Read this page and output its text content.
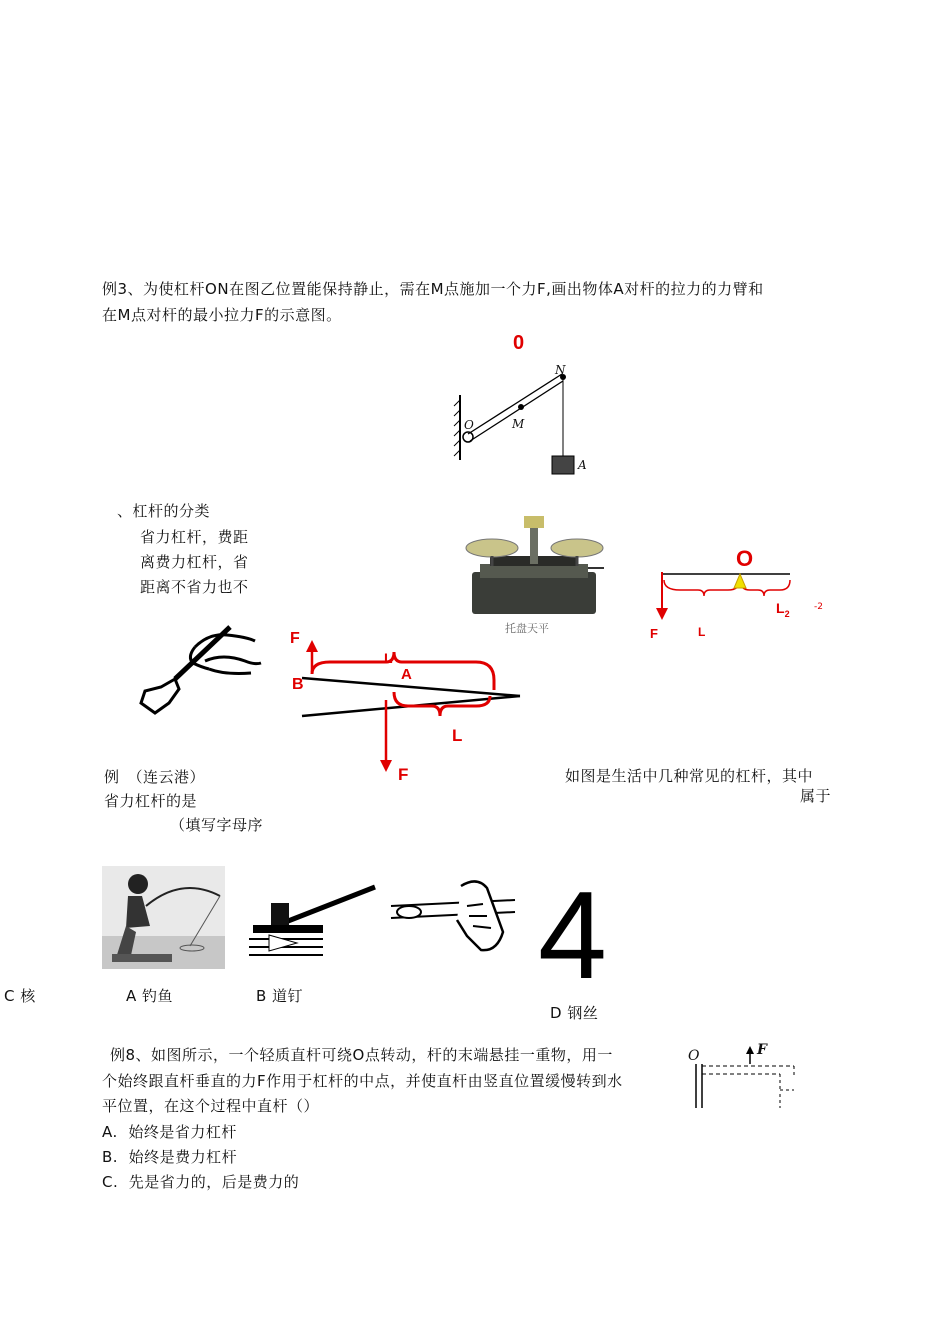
例3、为使杠杆ON在图乙位置能保持静止，需在M点施加一个力F,画出物体A对杆的拉力的力臂和
在M点对杆的最小拉力F的示意图。
0
N
M
O
A
、杠杆的分类
省力杠杆，费距
离费力杠杆，省
距离不省力也不
托盘天平
O
$L_2$
-2
F	L
F
L
A
B
L
F
例　（连云港）
省力杠杆的是
（填写字母序
如图是生活中几种常见的杠杆，其中
属于
4
C 核	A 钓鱼	B 道钉
D 钢丝
例8、如图所示，一个轻质直杆可绕O点转动，杆的末端悬挂一重物，用一
个始终跟直杆垂直的力F作用于杠杆的中点，并使直杆由竖直位置缓慢转到水
平位置，在这个过程中直杆（）
O	F
A. 始终是省力杠杆
B. 始终是费力杠杆
C. 先是省力的，后是费力的
